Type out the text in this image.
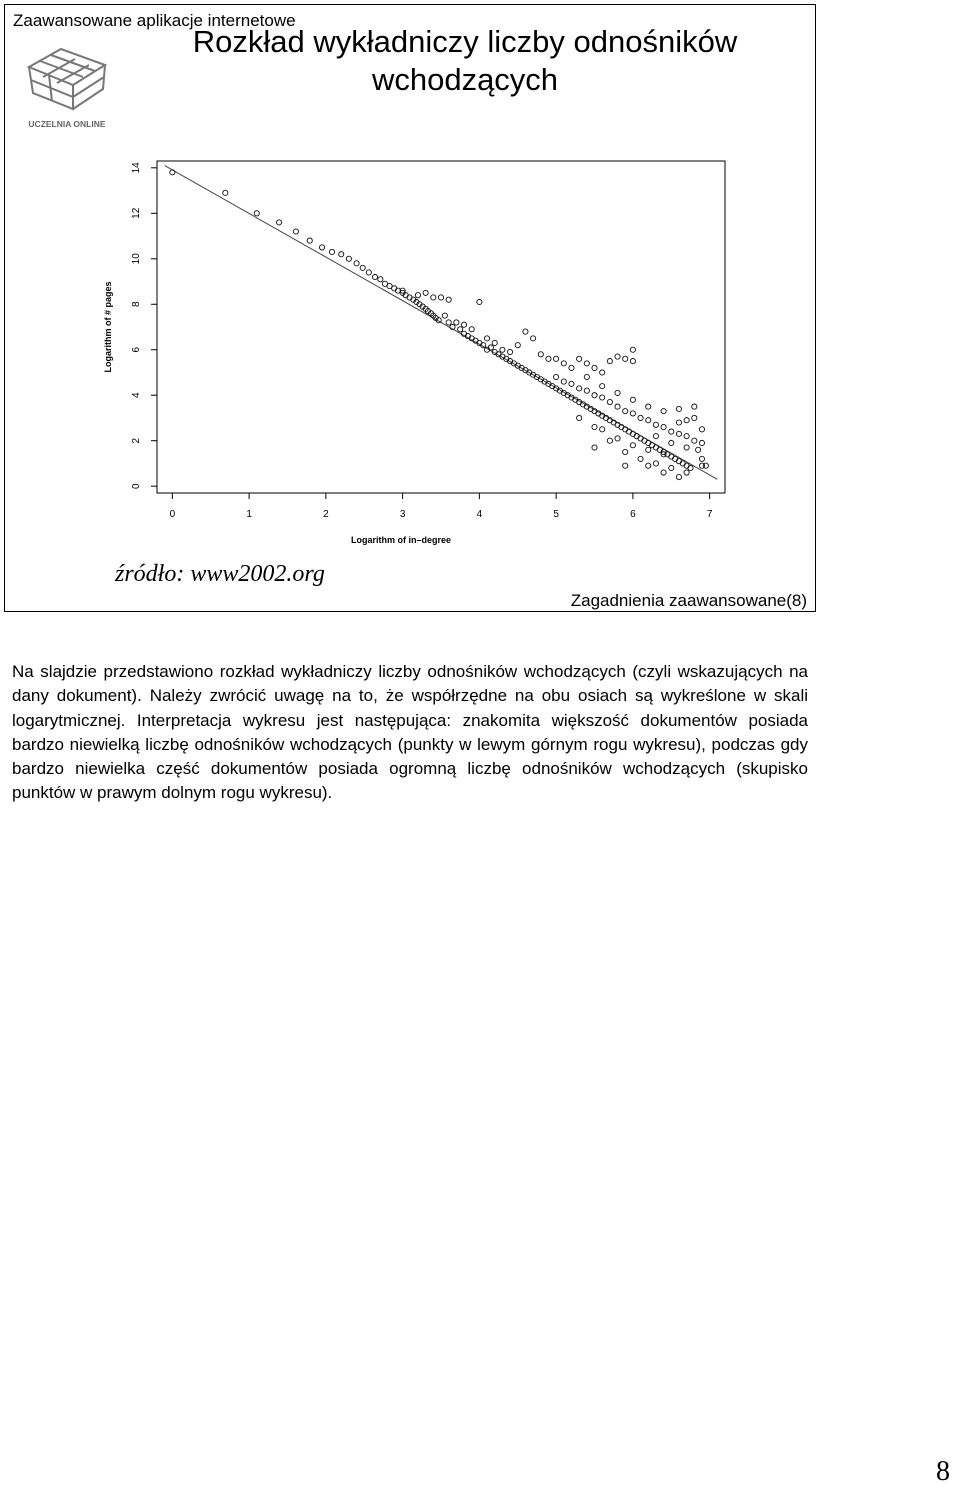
Zaawansowane aplikacje internetowe
Rozkład wykładniczy liczby odnośników wchodzących
UCZELNIA ONLINE
0	1	2	3	4	5	6	7
0
2
4
6
8
10
12
14
Logarithm of in–degree
Logarithm of # pages
źródło: www2002.org
Zagadnienia zaawansowane(8)
Na slajdzie przedstawiono rozkład wykładniczy liczby odnośników wchodzących (czyli wskazujących na dany dokument). Należy zwrócić uwagę na to, że współrzędne na obu osiach są wykreślone w skali logarytmicznej. Interpretacja wykresu jest następująca: znakomita większość dokumentów posiada bardzo niewielką liczbę odnośników wchodzących (punkty w lewym górnym rogu wykresu), podczas gdy bardzo niewielka część dokumentów posiada ogromną liczbę odnośników wchodzących (skupisko punktów w prawym dolnym rogu wykresu).
8
